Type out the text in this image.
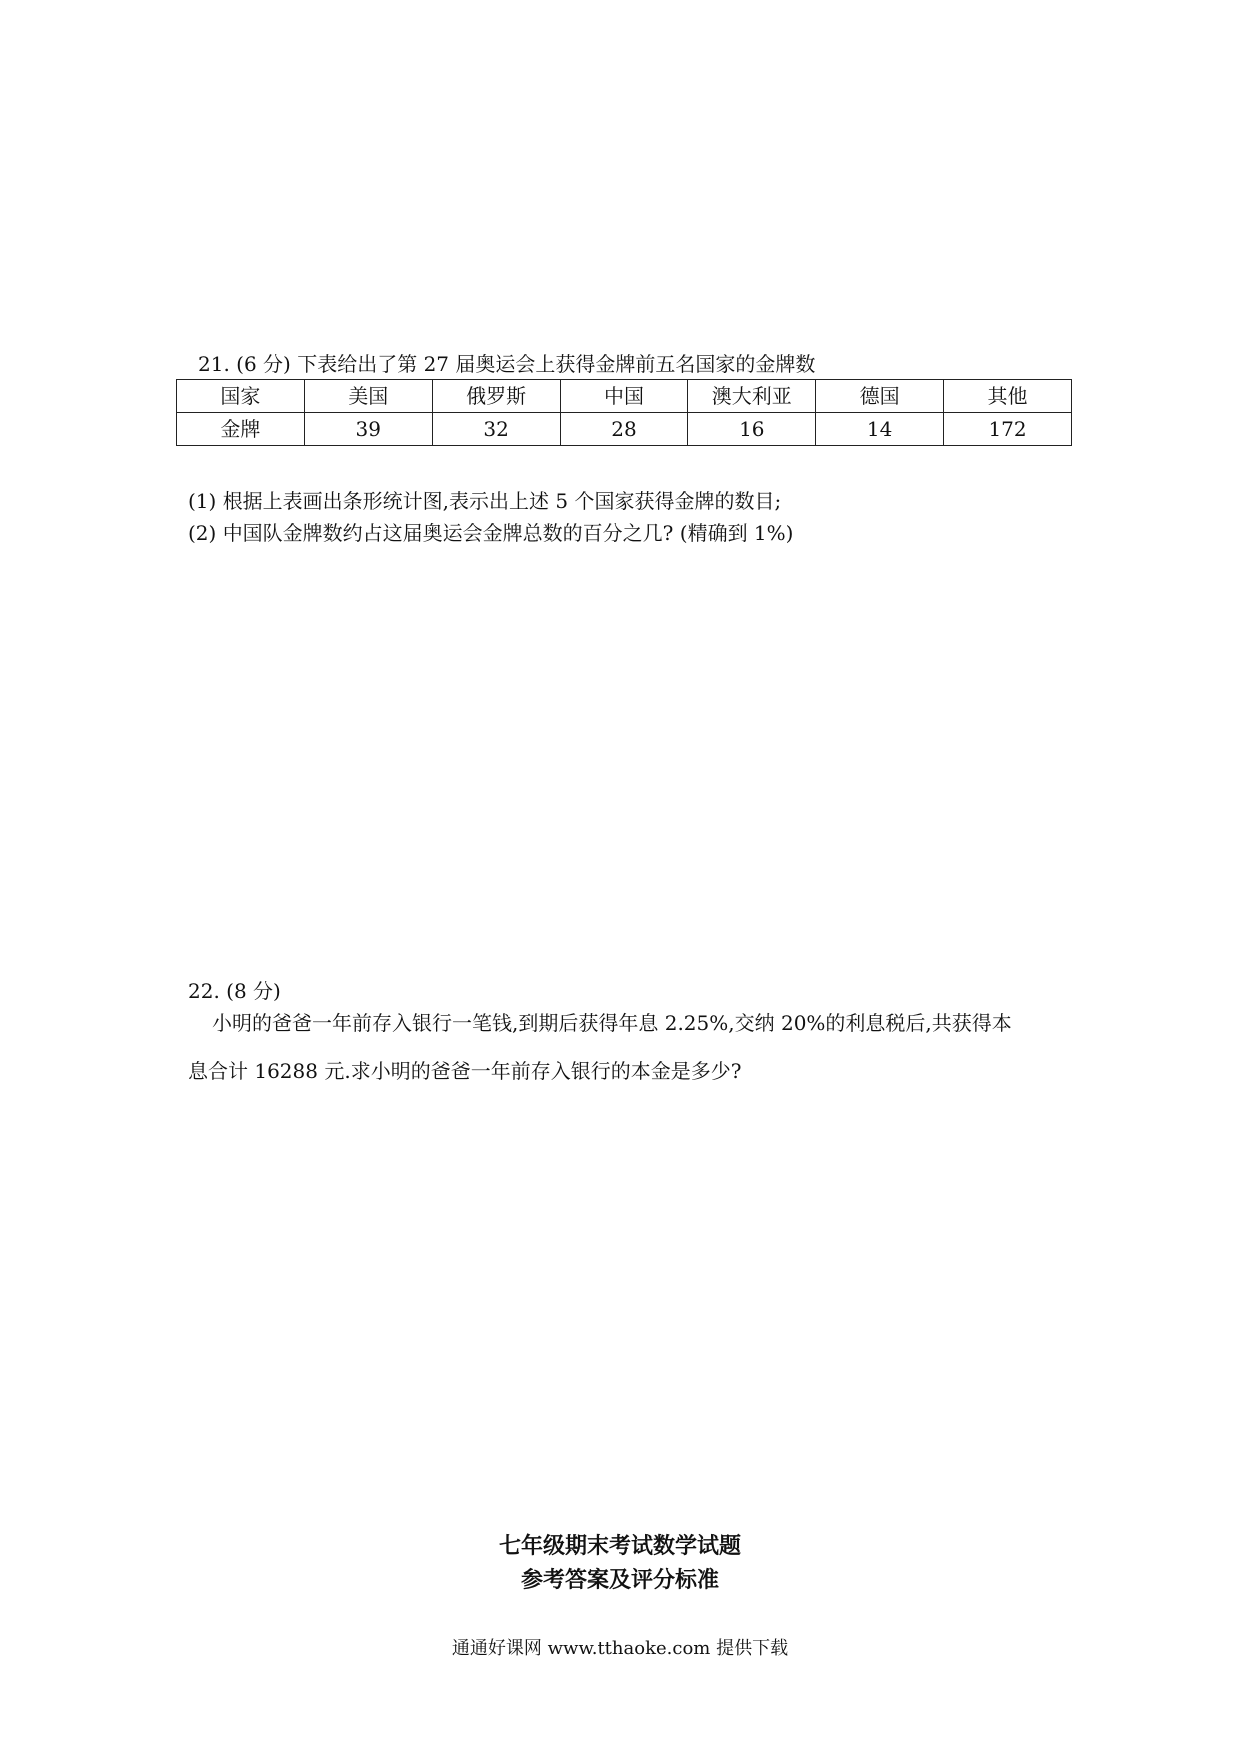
21. (6 分) 下表给出了第 27 届奥运会上获得金牌前五名国家的金牌数
国家	美国	俄罗斯	中国	澳大利亚	德国	其他
金牌	39	32	28	16	14	172
(1) 根据上表画出条形统计图,表示出上述 5 个国家获得金牌的数目;
(2) 中国队金牌数约占这届奥运会金牌总数的百分之几? (精确到 1%)
22. (8 分)
小明的爸爸一年前存入银行一笔钱,到期后获得年息 2.25%,交纳 20%的利息税后,共获得本
息合计 16288 元.求小明的爸爸一年前存入银行的本金是多少?
七年级期末考试数学试题
参考答案及评分标准
通通好课网 www.tthaoke.com 提供下载
